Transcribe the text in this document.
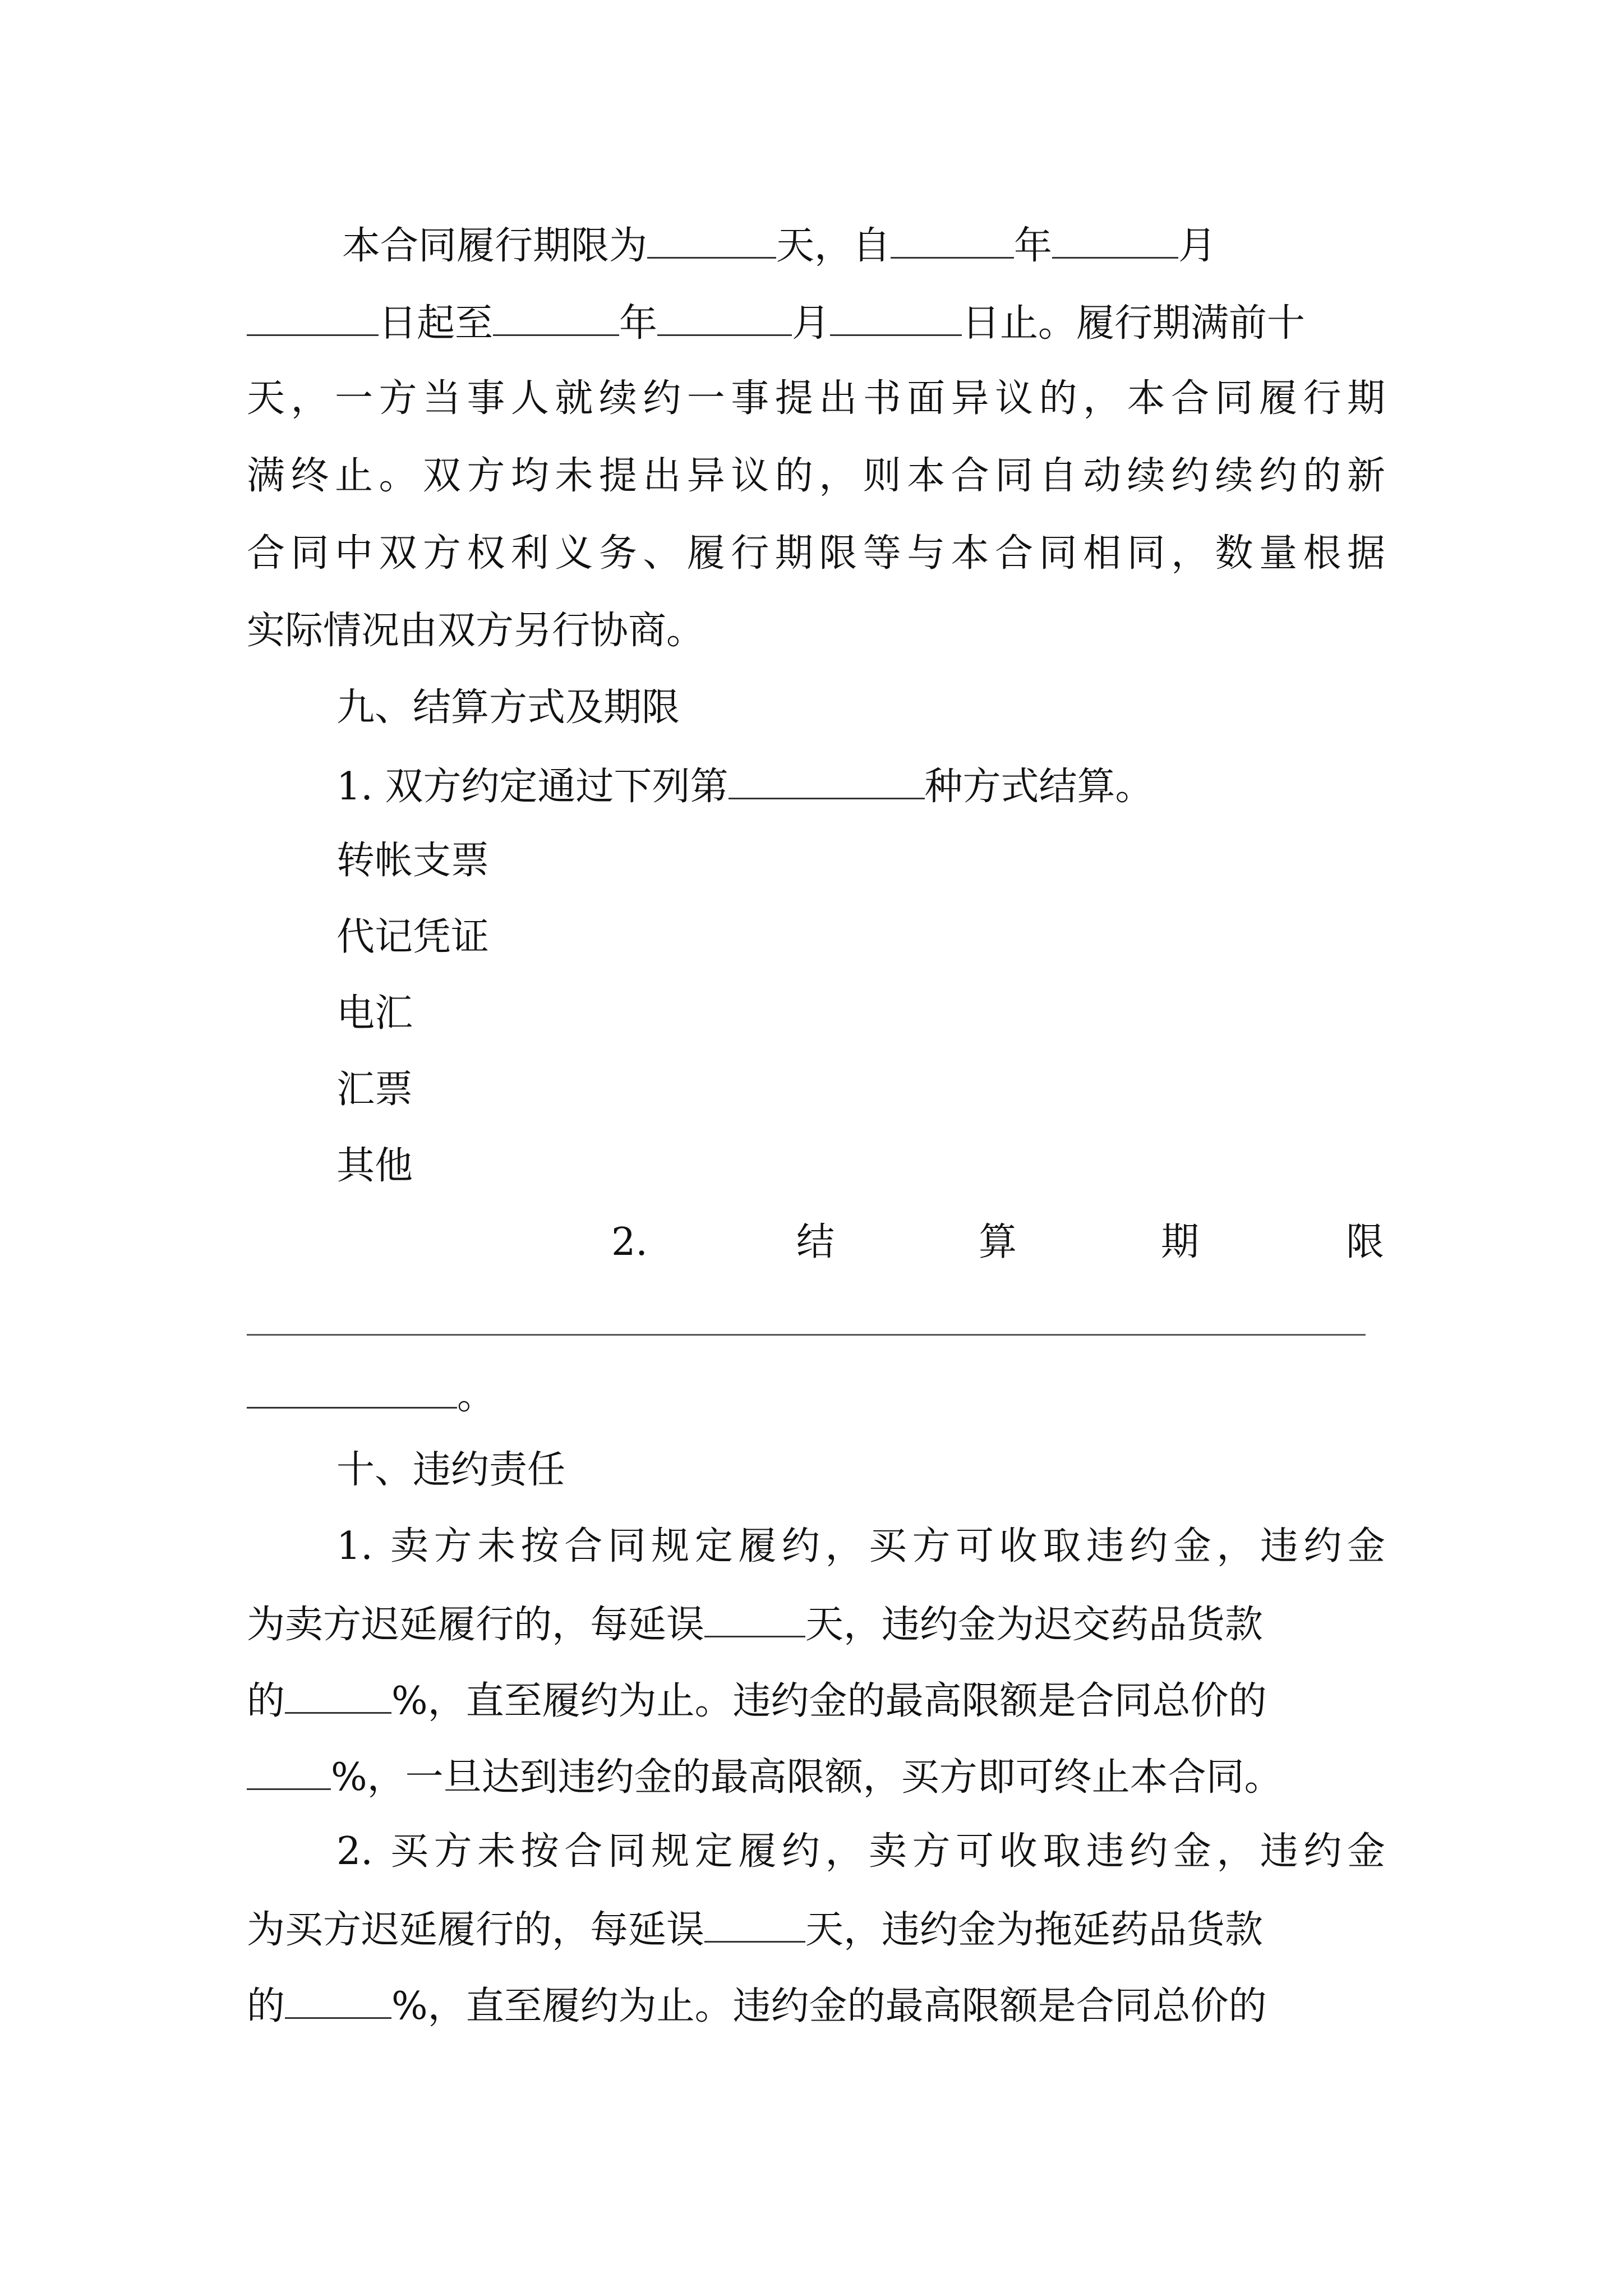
本合同履行期限为	天，自	年	月
日起至	年	月	日止。履行期满前十
天，一方当事人就续约一事提出书面异议的，本合同履行期
满终止。双方均未提出异议的，则本合同自动续约续约的新
合同中双方权利义务、履行期限等与本合同相同，数量根据
实际情况由双方另行协商。
九、结算方式及期限
1. 双方约定通过下列第	种方式结算。
转帐支票
代记凭证
电汇
汇票
其他
2.	结	算	期	限
。
十、违约责任
1. 卖方未按合同规定履约，买方可收取违约金，违约金
为卖方迟延履行的，每延误	天，违约金为迟交药品货款
的	%，直至履约为止。违约金的最高限额是合同总价的
%，一旦达到违约金的最高限额，买方即可终止本合同。
2. 买方未按合同规定履约，卖方可收取违约金，违约金
为买方迟延履行的，每延误	天，违约金为拖延药品货款
的	%，直至履约为止。违约金的最高限额是合同总价的
